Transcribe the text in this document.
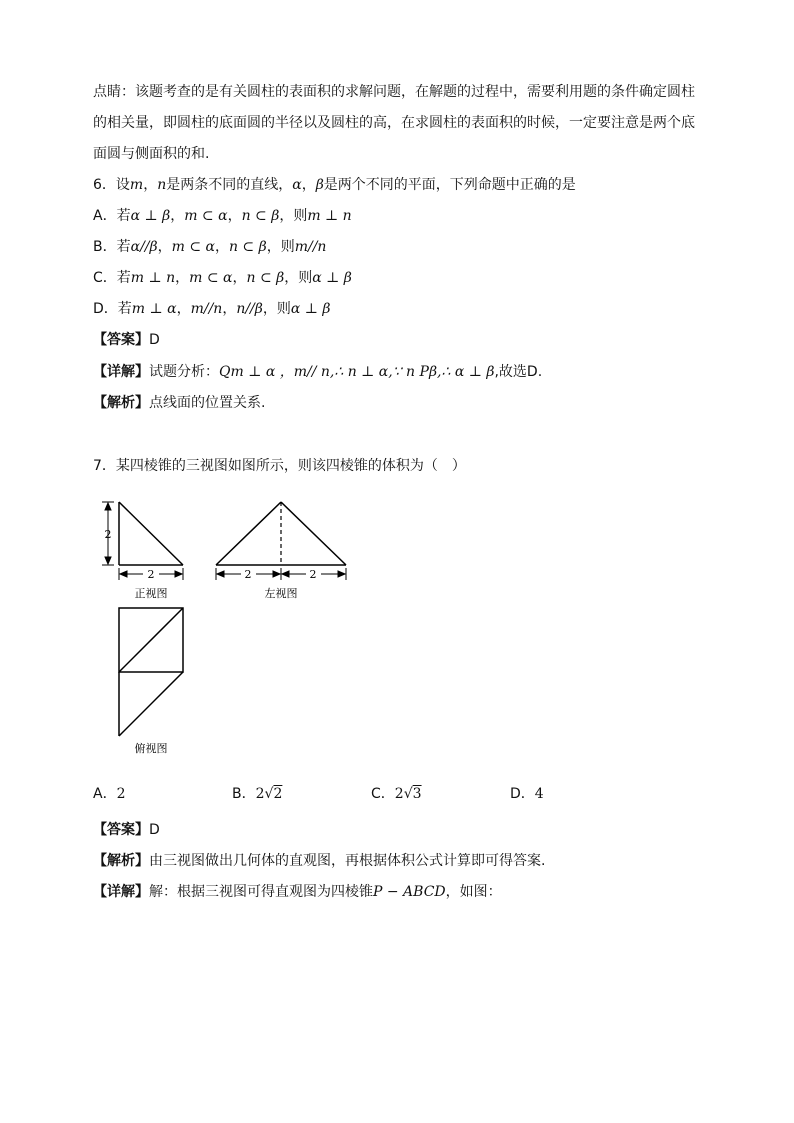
点睛：该题考查的是有关圆柱的表面积的求解问题，在解题的过程中，需要利用题的条件确定圆柱
的相关量，即圆柱的底面圆的半径以及圆柱的高，在求圆柱的表面积的时候，一定要注意是两个底
面圆与侧面积的和.
6．设m，n是两条不同的直线，α，β是两个不同的平面，下列命题中正确的是
A．若α ⊥ β，m ⊂ α，n ⊂ β，则m ⊥ n
B．若α//β，m ⊂ α，n ⊂ β，则m//n
C．若m ⊥ n，m ⊂ α，n ⊂ β，则α ⊥ β
D．若m ⊥ α，m//n，n//β，则α ⊥ β
【答案】D
【详解】试题分析：Qm ⊥ α ，m// n,∴ n ⊥ α,∵ n Pβ,∴ α ⊥ β,故选D.
【解析】点线面的位置关系.
7．某四棱锥的三视图如图所示，则该四棱锥的体积为（　）
2
2	2	2
正视图	左视图
俯视图
A．2	B．2√2	C．2√3	D．4
【答案】D
【解析】由三视图做出几何体的直观图，再根据体积公式计算即可得答案.
【详解】解：根据三视图可得直观图为四棱锥P − ABCD，如图：
